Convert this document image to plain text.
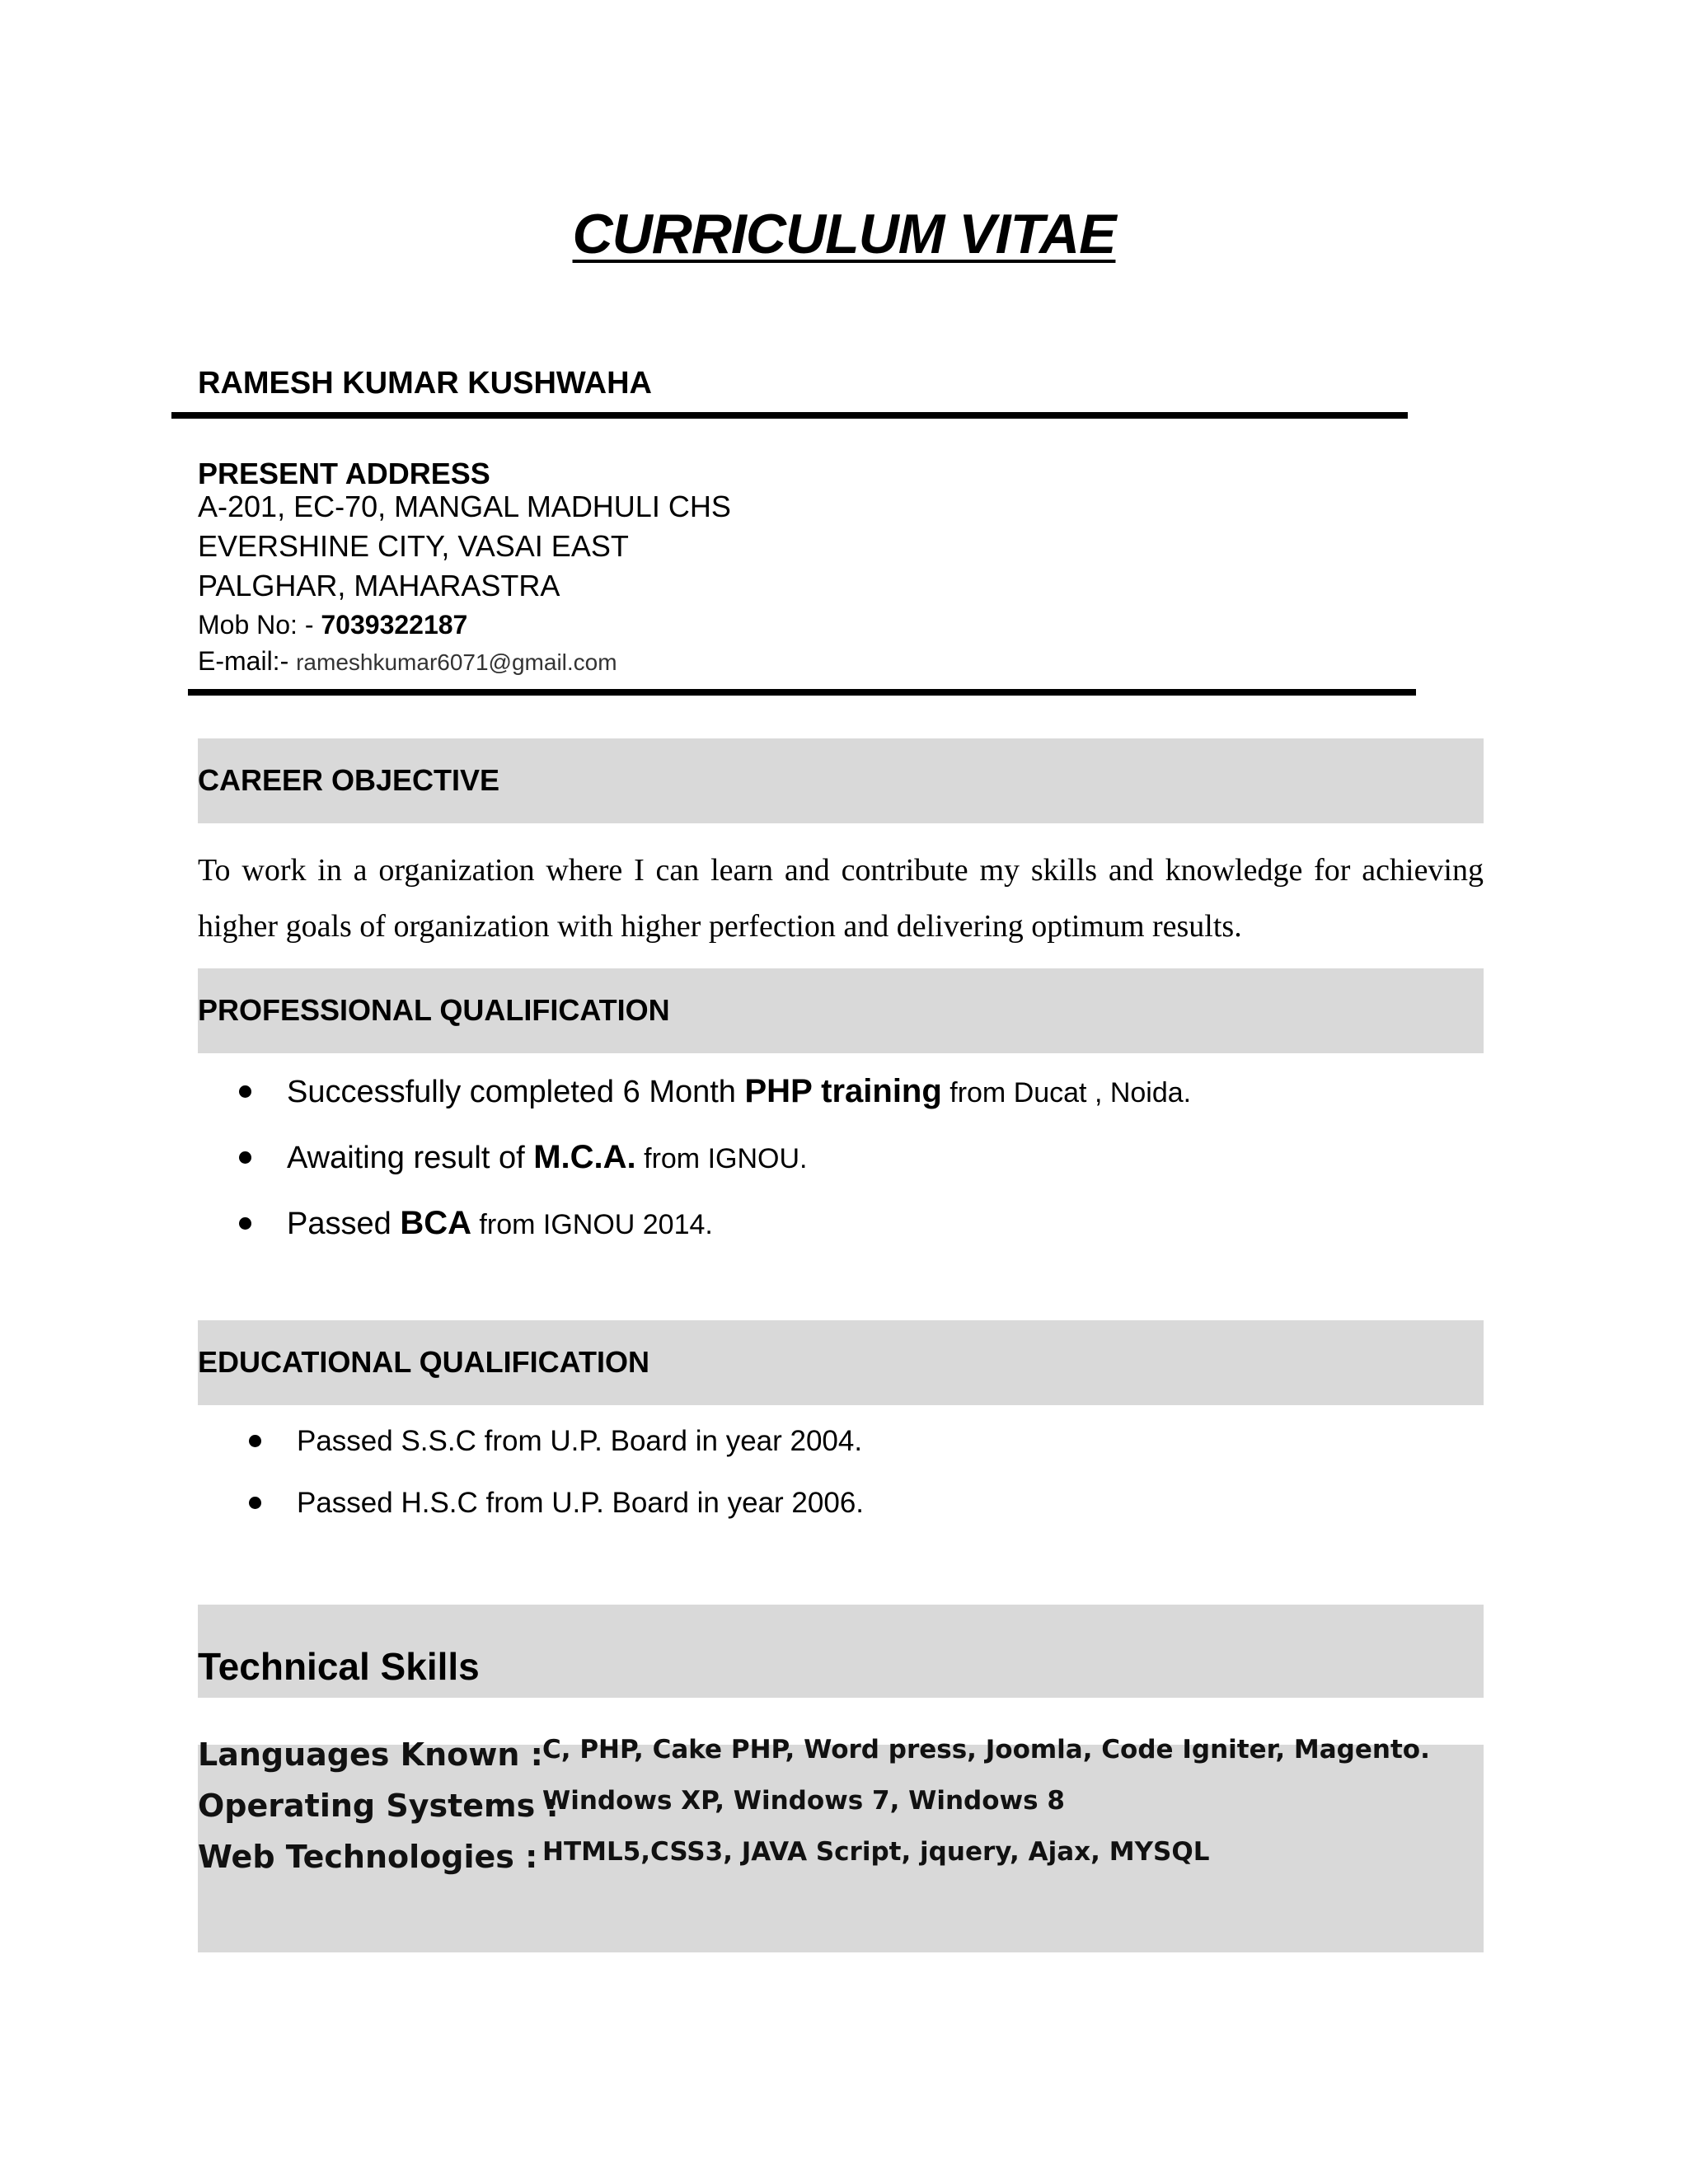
CURRICULUM VITAE
RAMESH KUMAR KUSHWAHA
PRESENT ADDRESS
A-201, EC-70, MANGAL MADHULI CHS
EVERSHINE CITY, VASAI EAST
PALGHAR, MAHARASTRA
Mob No: - 7039322187
E-mail:- rameshkumar6071@gmail.com
CAREER OBJECTIVE
To work in a organization where I can learn and contribute my skills and knowledge for achieving higher goals of organization with higher perfection and delivering optimum results.
PROFESSIONAL QUALIFICATION
Successfully completed 6 Month PHP training from Ducat , Noida.
Awaiting result of M.C.A. from IGNOU.
Passed BCA from IGNOU 2014.
EDUCATIONAL QUALIFICATION
Passed S.S.C from U.P. Board in year 2004.
Passed H.S.C from U.P. Board in year 2006.
Technical Skills
Languages Known : C, PHP, Cake PHP, Word press, Joomla, Code Igniter, Magento.
Operating Systems :
Windows XP, Windows 7, Windows 8
Web Technologies : HTML5,CSS3, JAVA Script, jquery, Ajax, MYSQL
